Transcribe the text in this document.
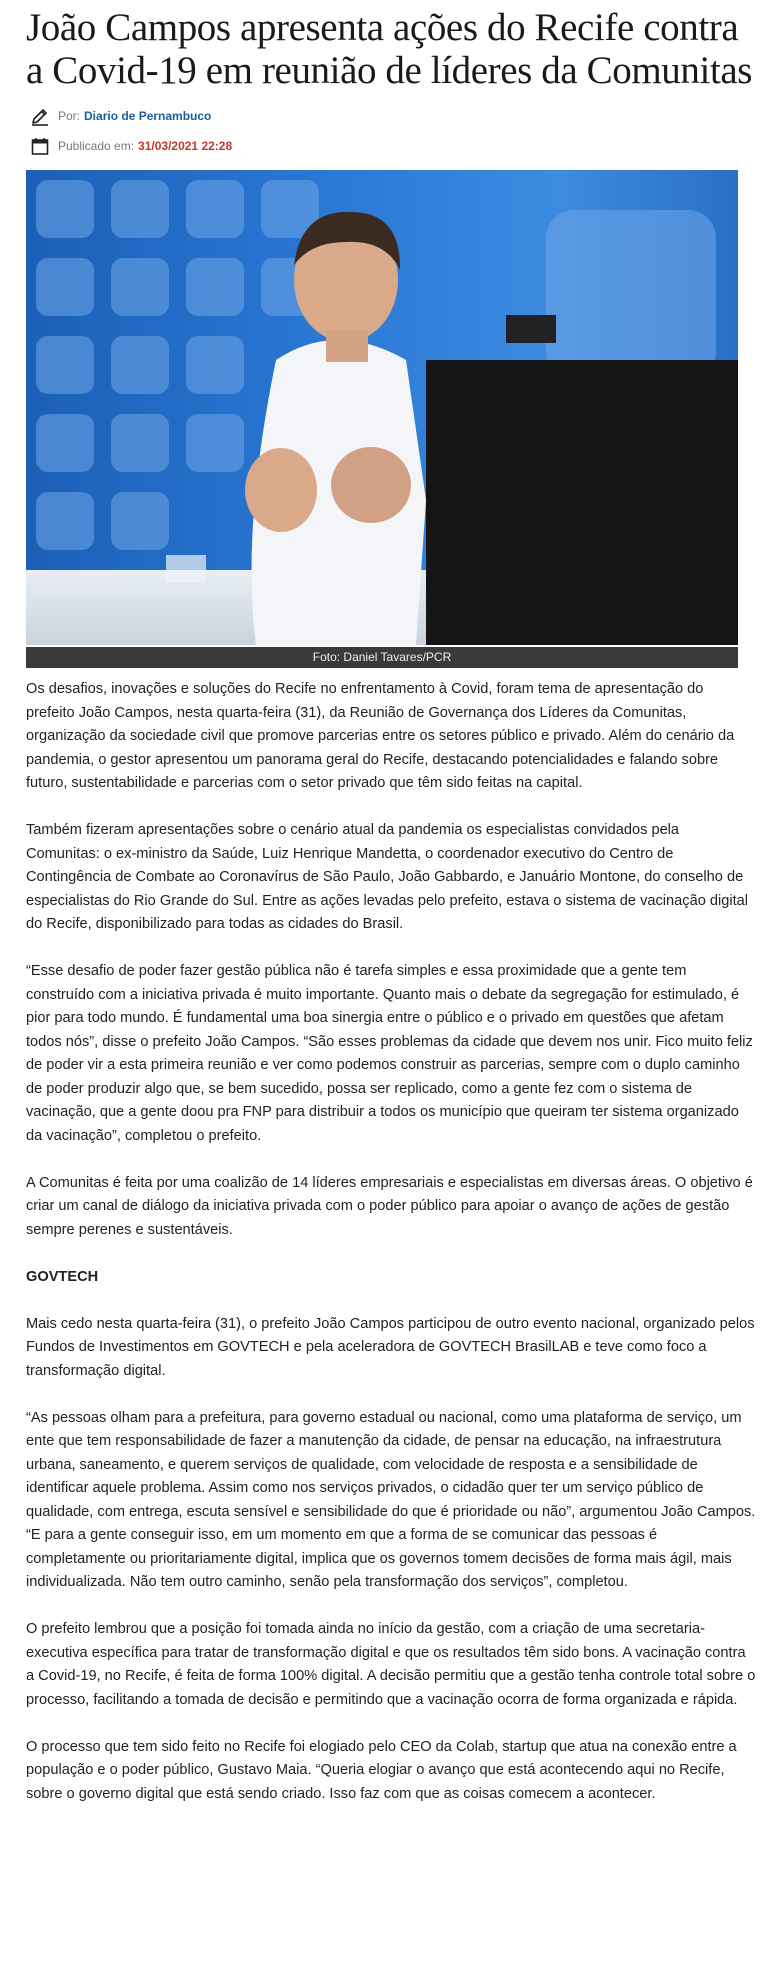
João Campos apresenta ações do Recife contra a Covid-19 em reunião de líderes da Comunitas
Por: Diario de Pernambuco
Publicado em: 31/03/2021 22:28
Foto: Daniel Tavares/PCR

Os desafios, inovações e soluções do Recife no enfrentamento à Covid, foram tema de apresentação do prefeito João Campos, nesta quarta-feira (31), da Reunião de Governança dos Líderes da Comunitas, organização da sociedade civil que promove parcerias entre os setores público e privado. Além do cenário da pandemia, o gestor apresentou um panorama geral do Recife, destacando potencialidades e falando sobre futuro, sustentabilidade e parcerias com o setor privado que têm sido feitas na capital.

Também fizeram apresentações sobre o cenário atual da pandemia os especialistas convidados pela Comunitas: o ex-ministro da Saúde, Luiz Henrique Mandetta, o coordenador executivo do Centro de Contingência de Combate ao Coronavírus de São Paulo, João Gabbardo, e Januário Montone, do conselho de especialistas do Rio Grande do Sul. Entre as ações levadas pelo prefeito, estava o sistema de vacinação digital do Recife, disponibilizado para todas as cidades do Brasil.

“Esse desafio de poder fazer gestão pública não é tarefa simples e essa proximidade que a gente tem construído com a iniciativa privada é muito importante. Quanto mais o debate da segregação for estimulado, é pior para todo mundo. É fundamental uma boa sinergia entre o público e o privado em questões que afetam todos nós”, disse o prefeito João Campos. “São esses problemas da cidade que devem nos unir. Fico muito feliz de poder vir a esta primeira reunião e ver como podemos construir as parcerias, sempre com o duplo caminho de poder produzir algo que, se bem sucedido, possa ser replicado, como a gente fez com o sistema de vacinação, que a gente doou pra FNP para distribuir a todos os município que queiram ter sistema organizado da vacinação”, completou o prefeito.

A Comunitas é feita por uma coalizão de 14 líderes empresariais e especialistas em diversas áreas. O objetivo é criar um canal de diálogo da iniciativa privada com o poder público para apoiar o avanço de ações de gestão sempre perenes e sustentáveis.

GOVTECH

Mais cedo nesta quarta-feira (31), o prefeito João Campos participou de outro evento nacional, organizado pelos Fundos de Investimentos em GOVTECH e pela aceleradora de GOVTECH BrasilLAB e teve como foco a transformação digital.

“As pessoas olham para a prefeitura, para governo estadual ou nacional, como uma plataforma de serviço, um ente que tem responsabilidade de fazer a manutenção da cidade, de pensar na educação, na infraestrutura urbana, saneamento, e querem serviços de qualidade, com velocidade de resposta e a sensibilidade de identificar aquele problema. Assim como nos serviços privados, o cidadão quer ter um serviço público de qualidade, com entrega, escuta sensível e sensibilidade do que é prioridade ou não”, argumentou João Campos. “E para a gente conseguir isso, em um momento em que a forma de se comunicar das pessoas é completamente ou prioritariamente digital, implica que os governos tomem decisões de forma mais ágil, mais individualizada. Não tem outro caminho, senão pela transformação dos serviços”, completou.

O prefeito lembrou que a posição foi tomada ainda no início da gestão, com a criação de uma secretaria-executiva específica para tratar de transformação digital e que os resultados têm sido bons. A vacinação contra a Covid-19, no Recife, é feita de forma 100% digital. A decisão permitiu que a gestão tenha controle total sobre o processo, facilitando a tomada de decisão e permitindo que a vacinação ocorra de forma organizada e rápida.

O processo que tem sido feito no Recife foi elogiado pelo CEO da Colab, startup que atua na conexão entre a população e o poder público, Gustavo Maia. “Queria elogiar o avanço que está acontecendo aqui no Recife, sobre o governo digital que está sendo criado. Isso faz com que as coisas comecem a acontecer.
